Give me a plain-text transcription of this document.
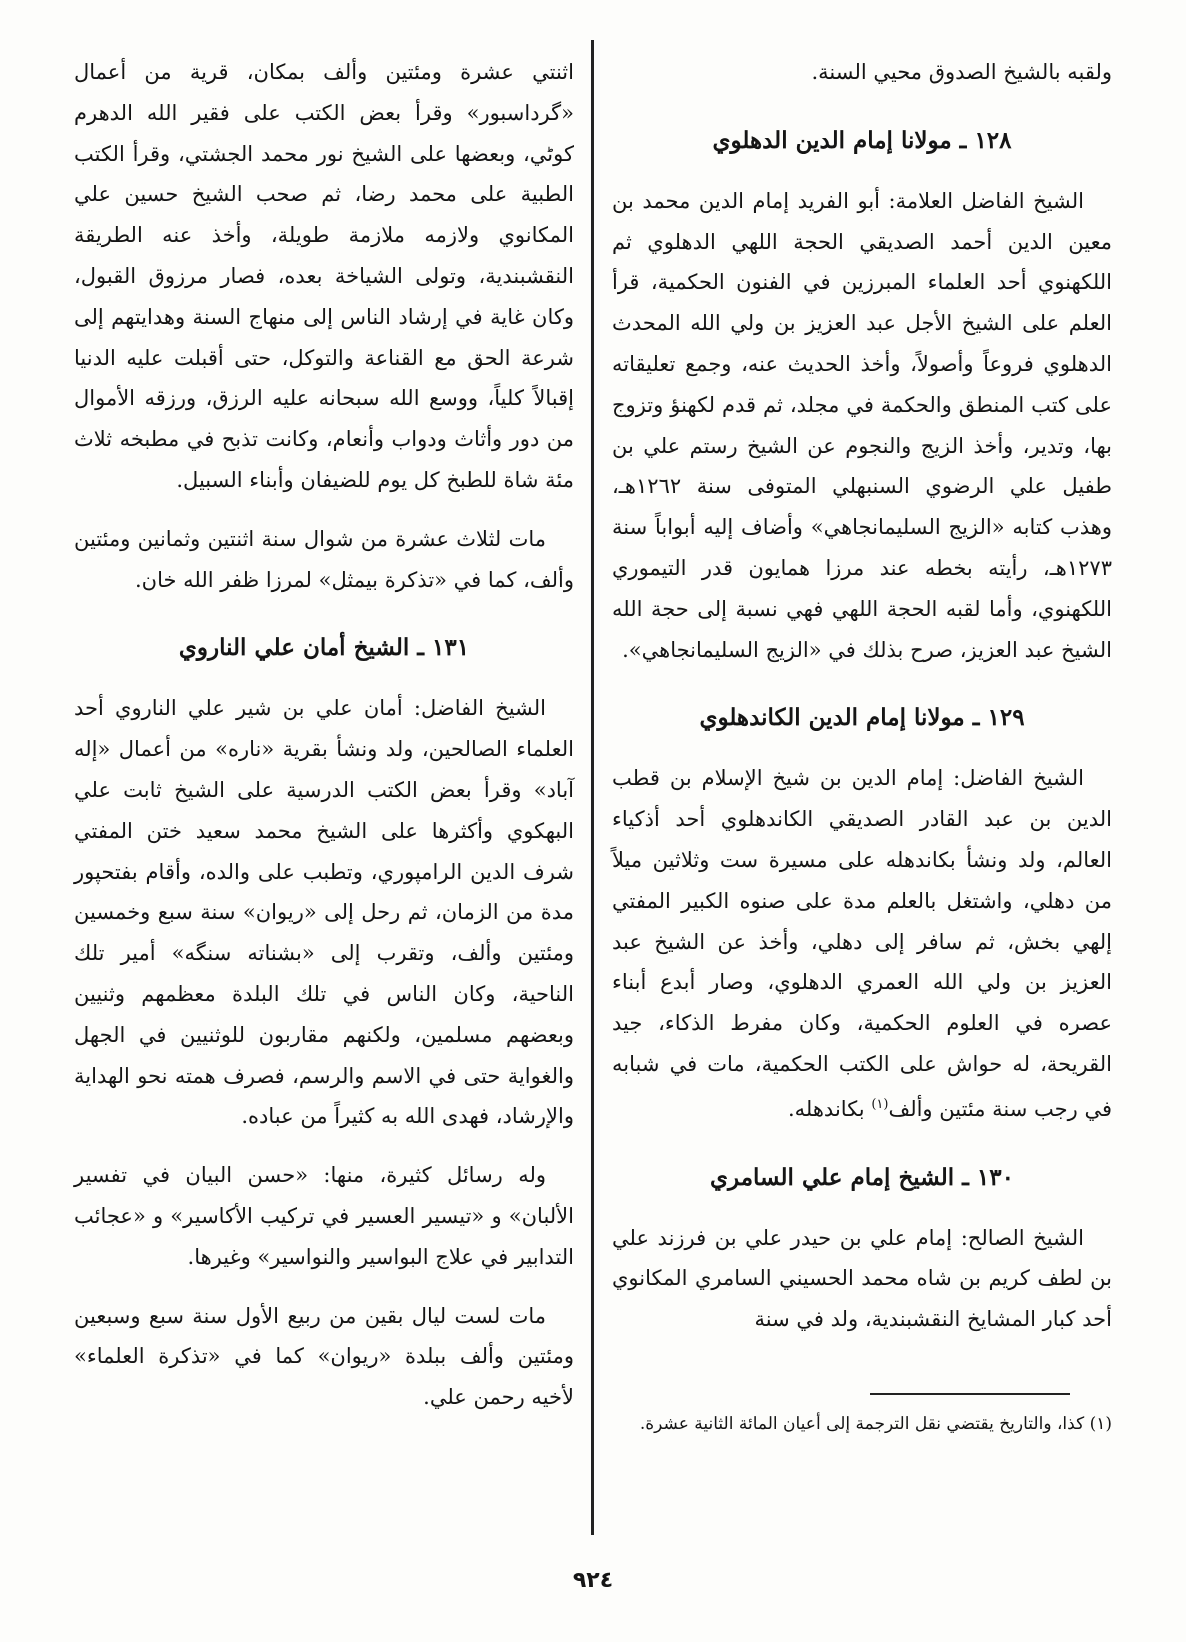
ولقبه بالشيخ الصدوق محيي السنة.

١٢٨ ـ مولانا إمام الدين الدهلوي

الشيخ الفاضل العلامة: أبو الفريد إمام الدين محمد بن معين الدين أحمد الصديقي الحجة اللهي الدهلوي ثم اللكهنوي أحد العلماء المبرزين في الفنون الحكمية، قرأ العلم على الشيخ الأجل عبد العزيز بن ولي الله المحدث الدهلوي فروعاً وأصولاً، وأخذ الحديث عنه، وجمع تعليقاته على كتب المنطق والحكمة في مجلد، ثم قدم لكهنؤ وتزوج بها، وتدير، وأخذ الزيج والنجوم عن الشيخ رستم علي بن طفيل علي الرضوي السنبهلي المتوفى سنة ١٢٦٢هـ، وهذب كتابه «الزيج السليمانجاهي» وأضاف إليه أبواباً سنة ١٢٧٣هـ، رأيته بخطه عند مرزا همايون قدر التيموري اللكهنوي، وأما لقبه الحجة اللهي فهي نسبة إلى حجة الله الشيخ عبد العزيز، صرح بذلك في «الزيج السليمانجاهي».

١٢٩ ـ مولانا إمام الدين الكاندهلوي

الشيخ الفاضل: إمام الدين بن شيخ الإسلام بن قطب الدين بن عبد القادر الصديقي الكاندهلوي أحد أذكياء العالم، ولد ونشأ بكاندهله على مسيرة ست وثلاثين ميلاً من دهلي، واشتغل بالعلم مدة على صنوه الكبير المفتي إلهي بخش، ثم سافر إلى دهلي، وأخذ عن الشيخ عبد العزيز بن ولي الله العمري الدهلوي، وصار أبدع أبناء عصره في العلوم الحكمية، وكان مفرط الذكاء، جيد القريحة، له حواش على الكتب الحكمية، مات في شبابه في رجب سنة مئتين وألف$^{(١)}$ بكاندهله.

١٣٠ ـ الشيخ إمام علي السامري

الشيخ الصالح: إمام علي بن حيدر علي بن فرزند علي بن لطف كريم بن شاه محمد الحسيني السامري المكانوي أحد كبار المشايخ النقشبندية، ولد في سنة

(١) كذا، والتاريخ يقتضي نقل الترجمة إلى أعيان المائة الثانية عشرة.

اثنتي عشرة ومئتين وألف بمكان، قرية من أعمال «گرداسبور» وقرأ بعض الكتب على فقير الله الدهرم كوٹي، وبعضها على الشيخ نور محمد الجشتي، وقرأ الكتب الطبية على محمد رضا، ثم صحب الشيخ حسين علي المكانوي ولازمه ملازمة طويلة، وأخذ عنه الطريقة النقشبندية، وتولى الشياخة بعده، فصار مرزوق القبول، وكان غاية في إرشاد الناس إلى منهاج السنة وهدايتهم إلى شرعة الحق مع القناعة والتوكل، حتى أقبلت عليه الدنيا إقبالاً كلياً، ووسع الله سبحانه عليه الرزق، ورزقه الأموال من دور وأثاث ودواب وأنعام، وكانت تذبح في مطبخه ثلاث مئة شاة للطبخ كل يوم للضيفان وأبناء السبيل.

مات لثلاث عشرة من شوال سنة اثنتين وثمانين ومئتين وألف، كما في «تذكرة بيمثل» لمرزا ظفر الله خان.

١٣١ ـ الشيخ أمان علي الناروي

الشيخ الفاضل: أمان علي بن شير علي الناروي أحد العلماء الصالحين، ولد ونشأ بقرية «ناره» من أعمال «إله آباد» وقرأ بعض الكتب الدرسية على الشيخ ثابت علي البهكوي وأكثرها على الشيخ محمد سعيد ختن المفتي شرف الدين الرامپوري، وتطبب على والده، وأقام بفتحپور مدة من الزمان، ثم رحل إلى «ريوان» سنة سبع وخمسين ومئتين وألف، وتقرب إلى «بشناته سنگه» أمير تلك الناحية، وكان الناس في تلك البلدة معظمهم وثنيين وبعضهم مسلمين، ولكنهم مقاربون للوثنيين في الجهل والغواية حتى في الاسم والرسم، فصرف همته نحو الهداية والإرشاد، فهدى الله به كثيراً من عباده.

وله رسائل كثيرة، منها: «حسن البيان في تفسير الألبان» و «تيسير العسير في تركيب الأكاسير» و «عجائب التدابير في علاج البواسير والنواسير» وغيرها.

مات لست ليال بقين من ربيع الأول سنة سبع وسبعين ومئتين وألف ببلدة «ريوان» كما في «تذكرة العلماء» لأخيه رحمن علي.

٩٢٤
